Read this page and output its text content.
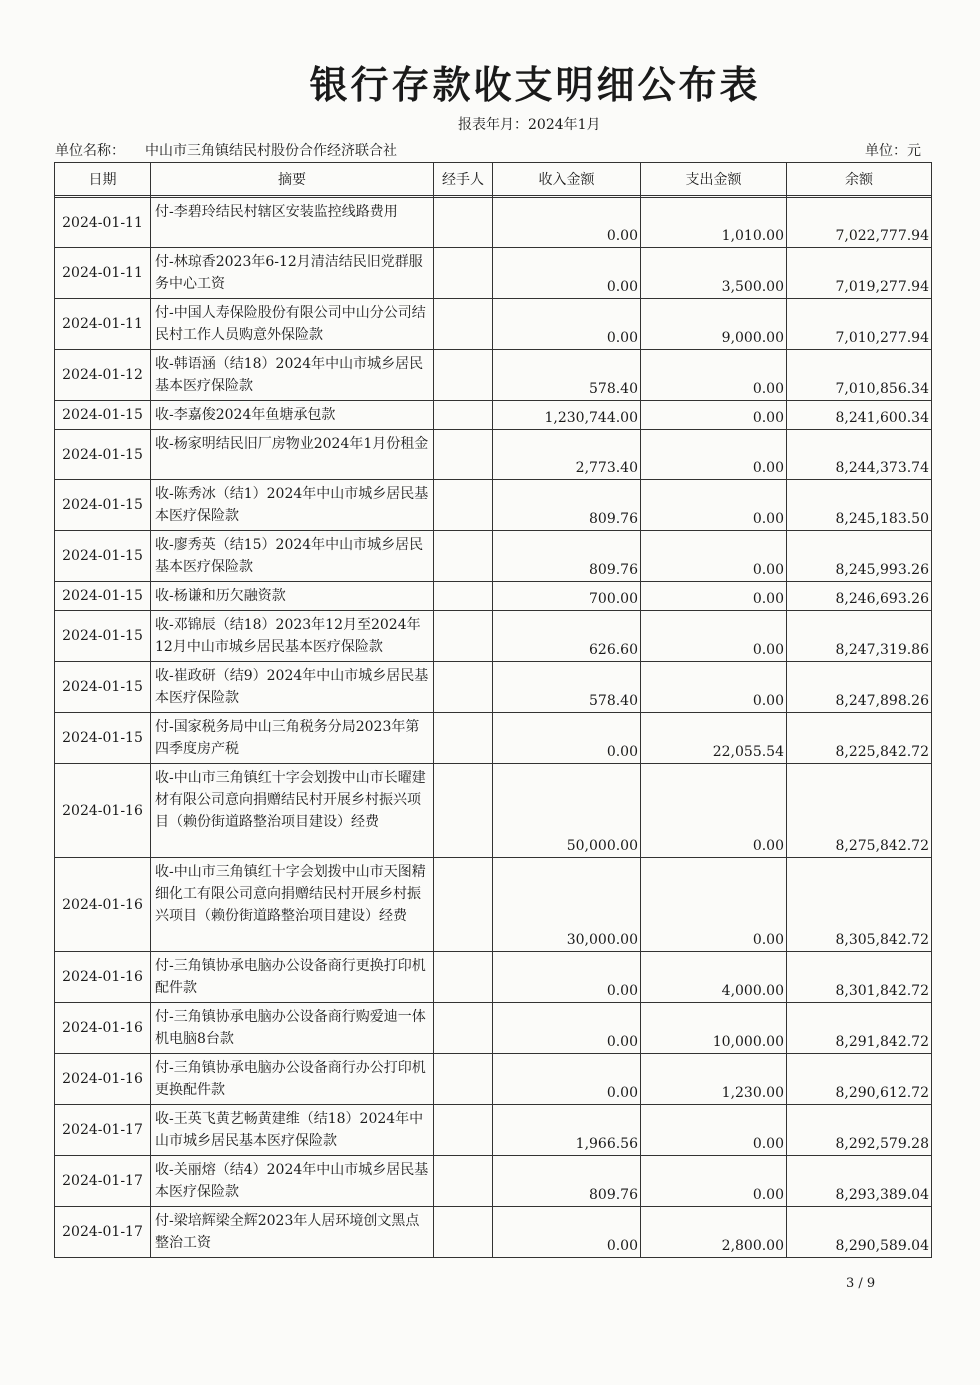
银行存款收支明细公布表
报表年月：2024年1月
单位名称： 中山市三角镇结民村股份合作经济联合社	单位：元
日期	摘要	经手人	收入金额	支出金额	余额

2024-01-11	付-李碧玲结民村辖区安装监控线路费用		0.00	1,010.00	7,022,777.94
2024-01-11	付-林琼香2023年6-12月清洁结民旧党群服务中心工资		0.00	3,500.00	7,019,277.94
2024-01-11	付-中国人寿保险股份有限公司中山分公司结民村工作人员购意外保险款		0.00	9,000.00	7,010,277.94
2024-01-12	收-韩语涵（结18）2024年中山市城乡居民基本医疗保险款		578.40	0.00	7,010,856.34
2024-01-15	收-李嘉俊2024年鱼塘承包款		1,230,744.00	0.00	8,241,600.34
2024-01-15	收-杨家明结民旧厂房物业2024年1月份租金		2,773.40	0.00	8,244,373.74
2024-01-15	收-陈秀冰（结1）2024年中山市城乡居民基本医疗保险款		809.76	0.00	8,245,183.50
2024-01-15	收-廖秀英（结15）2024年中山市城乡居民基本医疗保险款		809.76	0.00	8,245,993.26
2024-01-15	收-杨谦和历欠融资款		700.00	0.00	8,246,693.26
2024-01-15	收-邓锦辰（结18）2023年12月至2024年12月中山市城乡居民基本医疗保险款		626.60	0.00	8,247,319.86
2024-01-15	收-崔政研（结9）2024年中山市城乡居民基本医疗保险款		578.40	0.00	8,247,898.26
2024-01-15	付-国家税务局中山三角税务分局2023年第四季度房产税		0.00	22,055.54	8,225,842.72
2024-01-16	收-中山市三角镇红十字会划拨中山市长曜建材有限公司意向捐赠结民村开展乡村振兴项目（赖份街道路整治项目建设）经费		50,000.00	0.00	8,275,842.72
2024-01-16	收-中山市三角镇红十字会划拨中山市天图精细化工有限公司意向捐赠结民村开展乡村振兴项目（赖份街道路整治项目建设）经费		30,000.00	0.00	8,305,842.72
2024-01-16	付-三角镇协承电脑办公设备商行更换打印机配件款		0.00	4,000.00	8,301,842.72
2024-01-16	付-三角镇协承电脑办公设备商行购爱迪一体机电脑8台款		0.00	10,000.00	8,291,842.72
2024-01-16	付-三角镇协承电脑办公设备商行办公打印机更换配件款		0.00	1,230.00	8,290,612.72
2024-01-17	收-王英飞黄艺畅黄建维（结18）2024年中山市城乡居民基本医疗保险款		1,966.56	0.00	8,292,579.28
2024-01-17	收-关丽熔（结4）2024年中山市城乡居民基本医疗保险款		809.76	0.00	8,293,389.04
2024-01-17	付-梁培辉梁全辉2023年人居环境创文黑点整治工资		0.00	2,800.00	8,290,589.04
3 / 9
